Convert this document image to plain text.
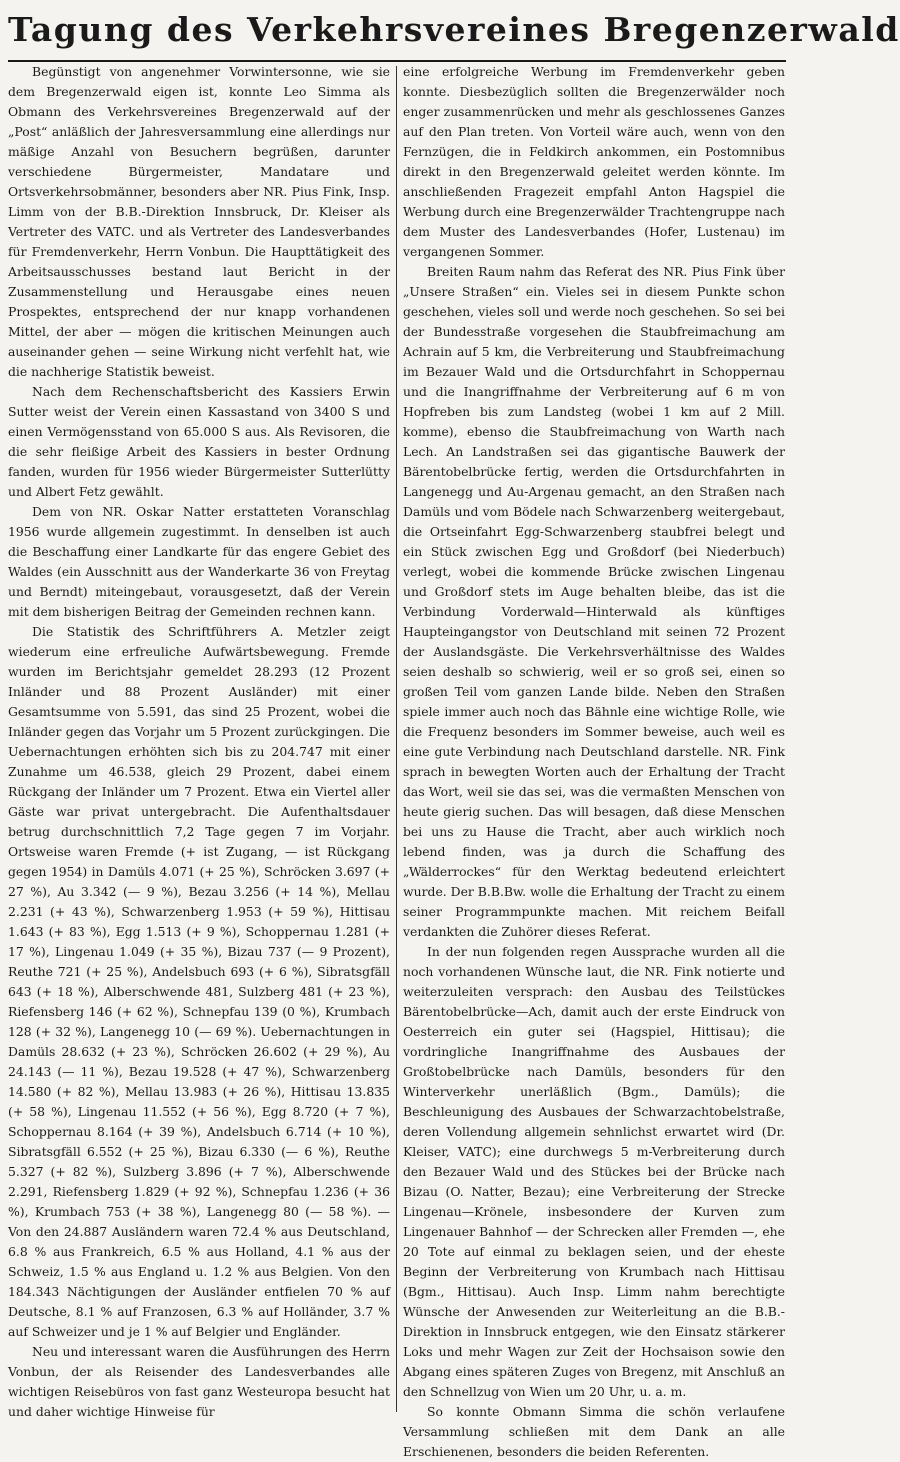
Tagung des Verkehrsvereines Bregenzerwald

Begünstigt von angenehmer Vorwintersonne, wie sie dem Bregenzerwald eigen ist, konnte Leo Simma als Obmann des Verkehrsvereines Bregenzerwald auf der „Post“ anläßlich der Jahresversammlung eine allerdings nur mäßige Anzahl von Besuchern begrüßen, darunter verschiedene Bürgermeister, Mandatare und Ortsverkehrsobmänner, besonders aber NR. Pius Fink, Insp. Limm von der B.B.-Direktion Innsbruck, Dr. Kleiser als Vertreter des VATC. und als Vertreter des Landesverbandes für Fremdenverkehr, Herrn Vonbun. Die Haupttätigkeit des Arbeitsausschusses bestand laut Bericht in der Zusammenstellung und Herausgabe eines neuen Prospektes, entsprechend der nur knapp vorhandenen Mittel, der aber — mögen die kritischen Meinungen auch auseinander gehen — seine Wirkung nicht verfehlt hat, wie die nachherige Statistik beweist.

Nach dem Rechenschaftsbericht des Kassiers Erwin Sutter weist der Verein einen Kassastand von 3400 S und einen Vermögensstand von 65.000 S aus. Als Revisoren, die die sehr fleißige Arbeit des Kassiers in bester Ordnung fanden, wurden für 1956 wieder Bürgermeister Sutterlütty und Albert Fetz gewählt.

Dem von NR. Oskar Natter erstatteten Voranschlag 1956 wurde allgemein zugestimmt. In denselben ist auch die Beschaffung einer Landkarte für das engere Gebiet des Waldes (ein Ausschnitt aus der Wanderkarte 36 von Freytag und Berndt) miteingebaut, vorausgesetzt, daß der Verein mit dem bisherigen Beitrag der Gemeinden rechnen kann.

Die Statistik des Schriftführers A. Metzler zeigt wiederum eine erfreuliche Aufwärtsbewegung. Fremde wurden im Berichtsjahr gemeldet 28.293 (12 Prozent Inländer und 88 Prozent Ausländer) mit einer Gesamtsumme von 5.591, das sind 25 Prozent, wobei die Inländer gegen das Vorjahr um 5 Prozent zurückgingen. Die Uebernachtungen erhöhten sich bis zu 204.747 mit einer Zunahme um 46.538, gleich 29 Prozent, dabei einem Rückgang der Inländer um 7 Prozent. Etwa ein Viertel aller Gäste war privat untergebracht. Die Aufenthaltsdauer betrug durchschnittlich 7,2 Tage gegen 7 im Vorjahr. Ortsweise waren Fremde (+ ist Zugang, — ist Rückgang gegen 1954) in Damüls 4.071 (+ 25 %), Schröcken 3.697 (+ 27 %), Au 3.342 (— 9 %), Bezau 3.256 (+ 14 %), Mellau 2.231 (+ 43 %), Schwarzenberg 1.953 (+ 59 %), Hittisau 1.643 (+ 83 %), Egg 1.513 (+ 9 %), Schoppernau 1.281 (+ 17 %), Lingenau 1.049 (+ 35 %), Bizau 737 (— 9 Prozent), Reuthe 721 (+ 25 %), Andelsbuch 693 (+ 6 %), Sibratsgfäll 643 (+ 18 %), Alberschwende 481, Sulzberg 481 (+ 23 %), Riefensberg 146 (+ 62 %), Schnepfau 139 (0 %), Krumbach 128 (+ 32 %), Langenegg 10 (— 69 %). Uebernachtungen in Damüls 28.632 (+ 23 %), Schröcken 26.602 (+ 29 %), Au 24.143 (— 11 %), Bezau 19.528 (+ 47 %), Schwarzenberg 14.580 (+ 82 %), Mellau 13.983 (+ 26 %), Hittisau 13.835 (+ 58 %), Lingenau 11.552 (+ 56 %), Egg 8.720 (+ 7 %), Schoppernau 8.164 (+ 39 %), Andelsbuch 6.714 (+ 10 %), Sibratsgfäll 6.552 (+ 25 %), Bizau 6.330 (— 6 %), Reuthe 5.327 (+ 82 %), Sulzberg 3.896 (+ 7 %), Alberschwende 2.291, Riefensberg 1.829 (+ 92 %), Schnepfau 1.236 (+ 36 %), Krumbach 753 (+ 38 %), Langenegg 80 (— 58 %). — Von den 24.887 Ausländern waren 72.4 % aus Deutschland, 6.8 % aus Frankreich, 6.5 % aus Holland, 4.1 % aus der Schweiz, 1.5 % aus England u. 1.2 % aus Belgien. Von den 184.343 Nächtigungen der Ausländer entfielen 70 % auf Deutsche, 8.1 % auf Franzosen, 6.3 % auf Holländer, 3.7 % auf Schweizer und je 1 % auf Belgier und Engländer.

Neu und interessant waren die Ausführungen des Herrn Vonbun, der als Reisender des Landesverbandes alle wichtigen Reisebüros von fast ganz Westeuropa besucht hat und daher wichtige Hinweise für

eine erfolgreiche Werbung im Fremdenverkehr geben konnte. Diesbezüglich sollten die Bregenzerwälder noch enger zusammenrücken und mehr als geschlossenes Ganzes auf den Plan treten. Von Vorteil wäre auch, wenn von den Fernzügen, die in Feldkirch ankommen, ein Postomnibus direkt in den Bregenzerwald geleitet werden könnte. Im anschließenden Fragezeit empfahl Anton Hagspiel die Werbung durch eine Bregenzerwälder Trachtengruppe nach dem Muster des Landesverbandes (Hofer, Lustenau) im vergangenen Sommer.

Breiten Raum nahm das Referat des NR. Pius Fink über „Unsere Straßen“ ein. Vieles sei in diesem Punkte schon geschehen, vieles soll und werde noch geschehen. So sei bei der Bundesstraße vorgesehen die Staubfreimachung am Achrain auf 5 km, die Verbreiterung und Staubfreimachung im Bezauer Wald und die Ortsdurchfahrt in Schoppernau und die Inangriffnahme der Verbreiterung auf 6 m von Hopfreben bis zum Landsteg (wobei 1 km auf 2 Mill. komme), ebenso die Staubfreimachung von Warth nach Lech. An Landstraßen sei das gigantische Bauwerk der Bärentobelbrücke fertig, werden die Ortsdurchfahrten in Langenegg und Au-Argenau gemacht, an den Straßen nach Damüls und vom Bödele nach Schwarzenberg weitergebaut, die Ortseinfahrt Egg-Schwarzenberg staubfrei belegt und ein Stück zwischen Egg und Großdorf (bei Niederbuch) verlegt, wobei die kommende Brücke zwischen Lingenau und Großdorf stets im Auge behalten bleibe, das ist die Verbindung Vorderwald—Hinterwald als künftiges Haupteingangstor von Deutschland mit seinen 72 Prozent der Auslandsgäste. Die Verkehrsverhältnisse des Waldes seien deshalb so schwierig, weil er so groß sei, einen so großen Teil vom ganzen Lande bilde. Neben den Straßen spiele immer auch noch das Bähnle eine wichtige Rolle, wie die Frequenz besonders im Sommer beweise, auch weil es eine gute Verbindung nach Deutschland darstelle. NR. Fink sprach in bewegten Worten auch der Erhaltung der Tracht das Wort, weil sie das sei, was die vermaßten Menschen von heute gierig suchen. Das will besagen, daß diese Menschen bei uns zu Hause die Tracht, aber auch wirklich noch lebend finden, was ja durch die Schaffung des „Wälderrockes“ für den Werktag bedeutend erleichtert wurde. Der B.B.Bw. wolle die Erhaltung der Tracht zu einem seiner Programmpunkte machen. Mit reichem Beifall verdankten die Zuhörer dieses Referat.

In der nun folgenden regen Aussprache wurden all die noch vorhandenen Wünsche laut, die NR. Fink notierte und weiterzuleiten versprach: den Ausbau des Teilstückes Bärentobelbrücke—Ach, damit auch der erste Eindruck von Oesterreich ein guter sei (Hagspiel, Hittisau); die vordringliche Inangriffnahme des Ausbaues der Großtobelbrücke nach Damüls, besonders für den Winterverkehr unerläßlich (Bgm., Damüls); die Beschleunigung des Ausbaues der Schwarzachtobelstraße, deren Vollendung allgemein sehnlichst erwartet wird (Dr. Kleiser, VATC); eine durchwegs 5 m-Verbreiterung durch den Bezauer Wald und des Stückes bei der Brücke nach Bizau (O. Natter, Bezau); eine Verbreiterung der Strecke Lingenau—Krönele, insbesondere der Kurven zum Lingenauer Bahnhof — der Schrecken aller Fremden —, ehe 20 Tote auf einmal zu beklagen seien, und der eheste Beginn der Verbreiterung von Krumbach nach Hittisau (Bgm., Hittisau). Auch Insp. Limm nahm berechtigte Wünsche der Anwesenden zur Weiterleitung an die B.B.-Direktion in Innsbruck entgegen, wie den Einsatz stärkerer Loks und mehr Wagen zur Zeit der Hochsaison sowie den Abgang eines späteren Zuges von Bregenz, mit Anschluß an den Schnellzug von Wien um 20 Uhr, u. a. m.

So konnte Obmann Simma die schön verlaufene Versammlung schließen mit dem Dank an alle Erschienenen, besonders die beiden Referenten.
